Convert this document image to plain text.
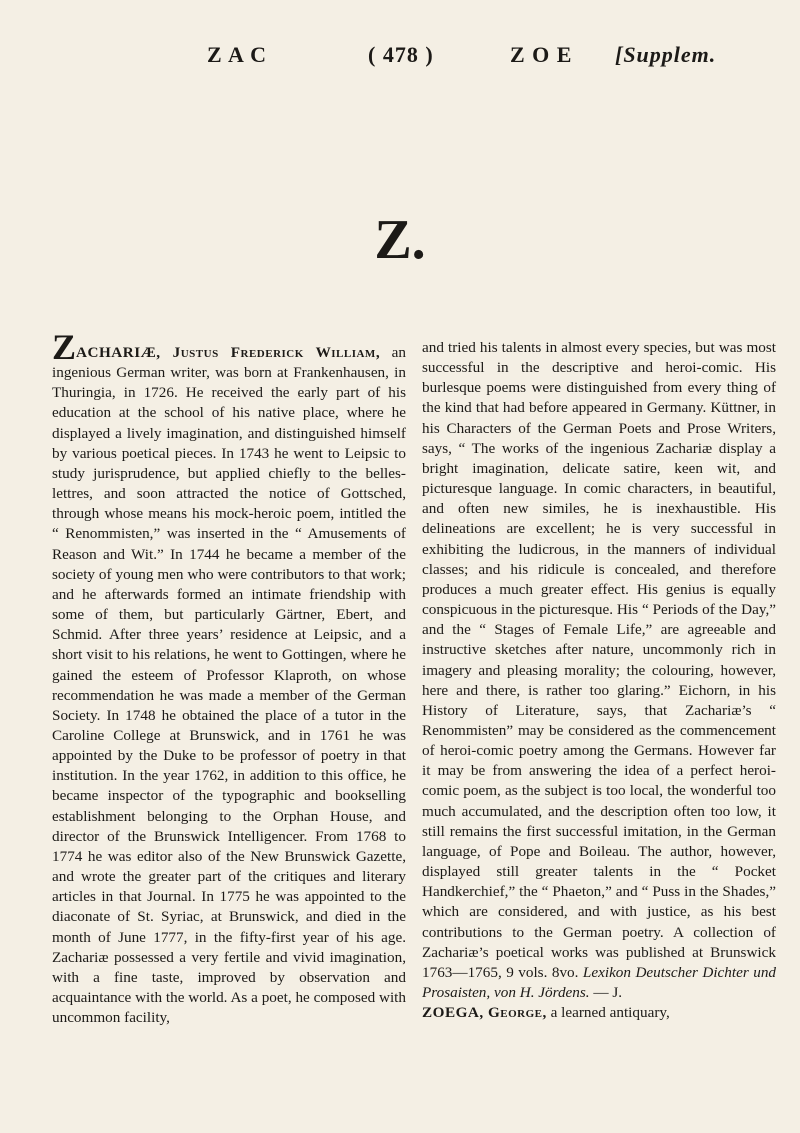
Z A C	( 478 )	Z O E [Supplem.
Z.

ZACHARIÆ, Justus Frederick William, an ingenious German writer, was born at Frankenhausen, in Thuringia, in 1726. He received the early part of his education at the school of his native place, where he displayed a lively imagination, and distinguished himself by various poetical pieces. In 1743 he went to Leipsic to study jurisprudence, but applied chiefly to the belles-lettres, and soon attracted the notice of Gottsched, through whose means his mock-heroic poem, intitled the “ Renommisten,” was inserted in the “ Amusements of Reason and Wit.” In 1744 he became a member of the society of young men who were contributors to that work; and he afterwards formed an intimate friendship with some of them, but particularly Gärtner, Ebert, and Schmid. After three years’ residence at Leipsic, and a short visit to his relations, he went to Gottingen, where he gained the esteem of Professor Klaproth, on whose recommendation he was made a member of the German Society. In 1748 he obtained the place of a tutor in the Caroline College at Brunswick, and in 1761 he was appointed by the Duke to be professor of poetry in that institution. In the year 1762, in addition to this office, he became inspector of the typographic and bookselling establishment belonging to the Orphan House, and director of the Brunswick Intelligencer. From 1768 to 1774 he was editor also of the New Brunswick Gazette, and wrote the greater part of the critiques and literary articles in that Journal. In 1775 he was appointed to the diaconate of St. Syriac, at Brunswick, and died in the month of June 1777, in the fifty-first year of his age. Zachariæ possessed a very fertile and vivid imagination, with a fine taste, improved by observation and acquaintance with the world. As a poet, he composed with uncommon facility,

and tried his talents in almost every species, but was most successful in the descriptive and heroi-comic. His burlesque poems were distinguished from every thing of the kind that had before appeared in Germany. Küttner, in his Characters of the German Poets and Prose Writers, says, “ The works of the ingenious Zachariæ display a bright imagination, delicate satire, keen wit, and picturesque language. In comic characters, in beautiful, and often new similes, he is inexhaustible. His delineations are excellent; he is very successful in exhibiting the ludicrous, in the manners of individual classes; and his ridicule is concealed, and therefore produces a much greater effect. His genius is equally conspicuous in the picturesque. His “ Periods of the Day,” and the “ Stages of Female Life,” are agreeable and instructive sketches after nature, uncommonly rich in imagery and pleasing morality; the colouring, however, here and there, is rather too glaring.” Eichorn, in his History of Literature, says, that Zachariæ’s “ Renommisten” may be considered as the commencement of heroi-comic poetry among the Germans. However far it may be from answering the idea of a perfect heroi-comic poem, as the subject is too local, the wonderful too much accumulated, and the description often too low, it still remains the first successful imitation, in the German language, of Pope and Boileau. The author, however, displayed still greater talents in the “ Pocket Handkerchief,” the “ Phaeton,” and “ Puss in the Shades,” which are considered, and with justice, as his best contributions to the German poetry. A collection of Zachariæ’s poetical works was published at Brunswick 1763—1765, 9 vols. 8vo. Lexikon Deutscher Dichter und Prosaisten, von H. Jördens. — J.

ZOEGA, George, a learned antiquary,
